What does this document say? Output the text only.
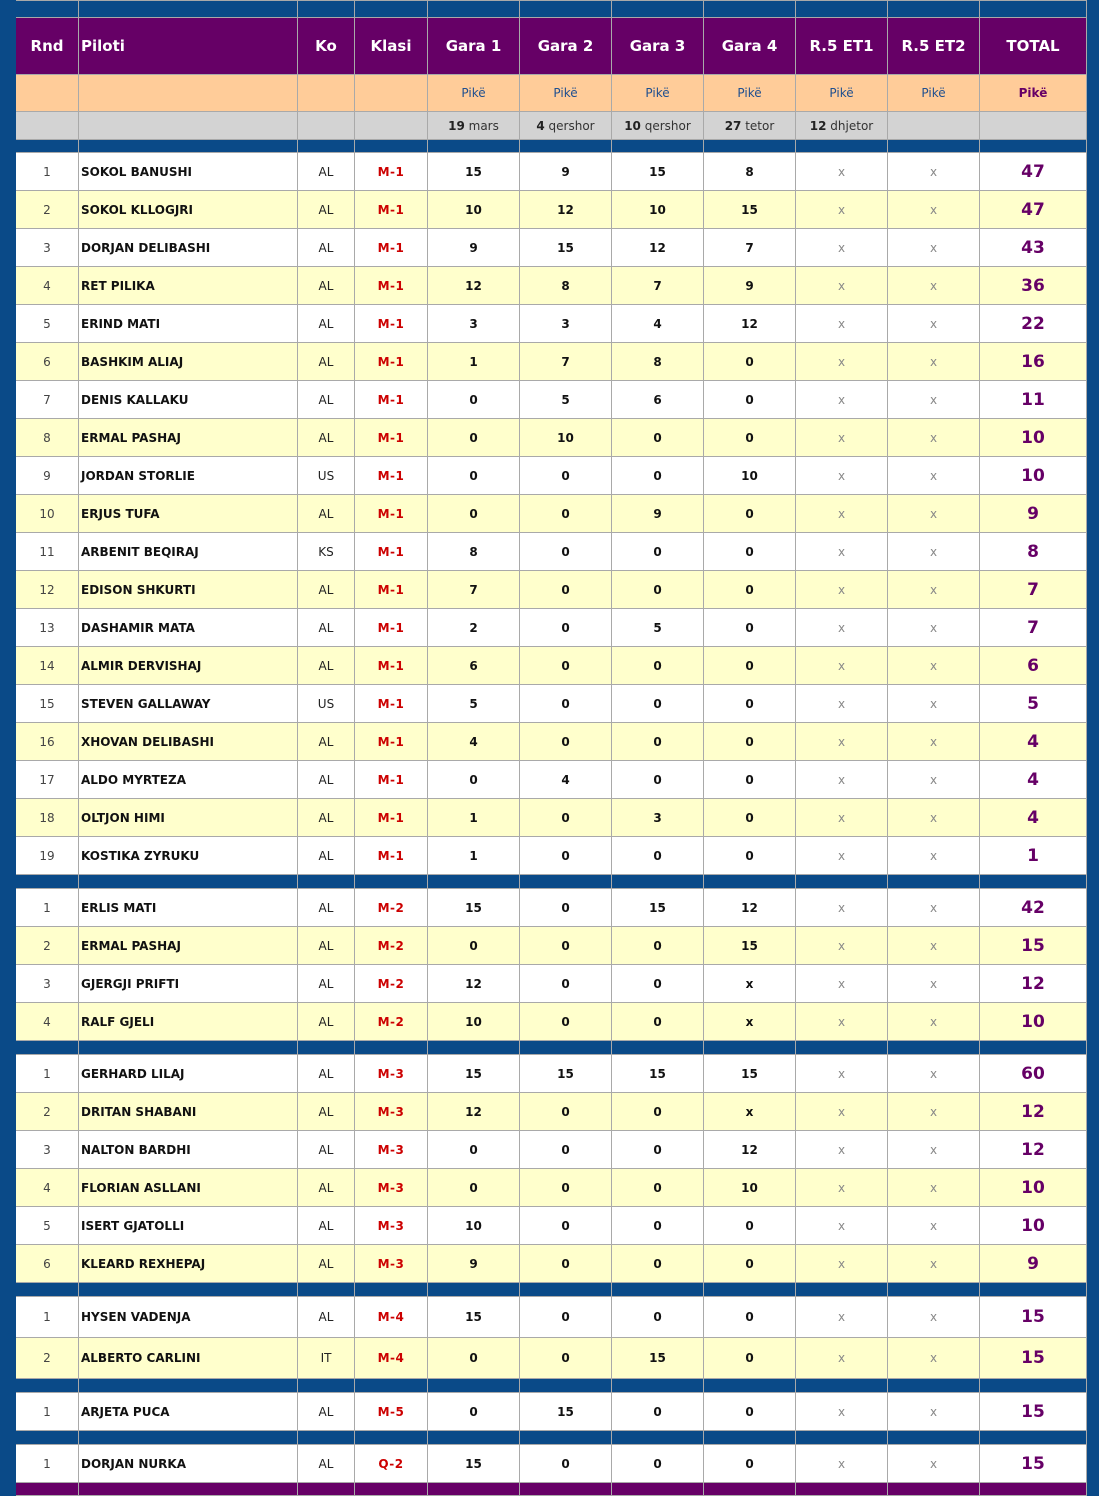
	Rnd	Piloti	Ko	Klasi	Gara 1	Gara 2	Gara 3	Gara 4	R.5 ET1	R.5 ET2	TOTAL	
					Pikë	Pikë	Pikë	Pikë	Pikë	Pikë	Pikë	
					19 mars	4 qershor	10 qershor	27 tetor	12 dhjetor			

	1	SOKOL BANUSHI	AL	M-1	15	9	15	8	x	x	47	
	2	SOKOL KLLOGJRI	AL	M-1	10	12	10	15	x	x	47	
	3	DORJAN DELIBASHI	AL	M-1	9	15	12	7	x	x	43	
	4	RET PILIKA	AL	M-1	12	8	7	9	x	x	36	
	5	ERIND MATI	AL	M-1	3	3	4	12	x	x	22	
	6	BASHKIM ALIAJ	AL	M-1	1	7	8	0	x	x	16	
	7	DENIS KALLAKU	AL	M-1	0	5	6	0	x	x	11	
	8	ERMAL PASHAJ	AL	M-1	0	10	0	0	x	x	10	
	9	JORDAN STORLIE	US	M-1	0	0	0	10	x	x	10	
	10	ERJUS TUFA	AL	M-1	0	0	9	0	x	x	9	
	11	ARBENIT BEQIRAJ	KS	M-1	8	0	0	0	x	x	8	
	12	EDISON SHKURTI	AL	M-1	7	0	0	0	x	x	7	
	13	DASHAMIR MATA	AL	M-1	2	0	5	0	x	x	7	
	14	ALMIR DERVISHAJ	AL	M-1	6	0	0	0	x	x	6	
	15	STEVEN GALLAWAY	US	M-1	5	0	0	0	x	x	5	
	16	XHOVAN DELIBASHI	AL	M-1	4	0	0	0	x	x	4	
	17	ALDO MYRTEZA	AL	M-1	0	4	0	0	x	x	4	
	18	OLTJON HIMI	AL	M-1	1	0	3	0	x	x	4	
	19	KOSTIKA ZYRUKU	AL	M-1	1	0	0	0	x	x	1	

	1	ERLIS MATI	AL	M-2	15	0	15	12	x	x	42	
	2	ERMAL PASHAJ	AL	M-2	0	0	0	15	x	x	15	
	3	GJERGJI PRIFTI	AL	M-2	12	0	0	x	x	x	12	
	4	RALF GJELI	AL	M-2	10	0	0	x	x	x	10	

	1	GERHARD LILAJ	AL	M-3	15	15	15	15	x	x	60	
	2	DRITAN SHABANI	AL	M-3	12	0	0	x	x	x	12	
	3	NALTON BARDHI	AL	M-3	0	0	0	12	x	x	12	
	4	FLORIAN ASLLANI	AL	M-3	0	0	0	10	x	x	10	
	5	ISERT GJATOLLI	AL	M-3	10	0	0	0	x	x	10	
	6	KLEARD REXHEPAJ	AL	M-3	9	0	0	0	x	x	9	

	1	HYSEN VADENJA	AL	M-4	15	0	0	0	x	x	15	
	2	ALBERTO CARLINI	IT	M-4	0	0	15	0	x	x	15	

	1	ARJETA PUCA	AL	M-5	0	15	0	0	x	x	15	

	1	DORJAN NURKA	AL	Q-2	15	0	0	0	x	x	15	
